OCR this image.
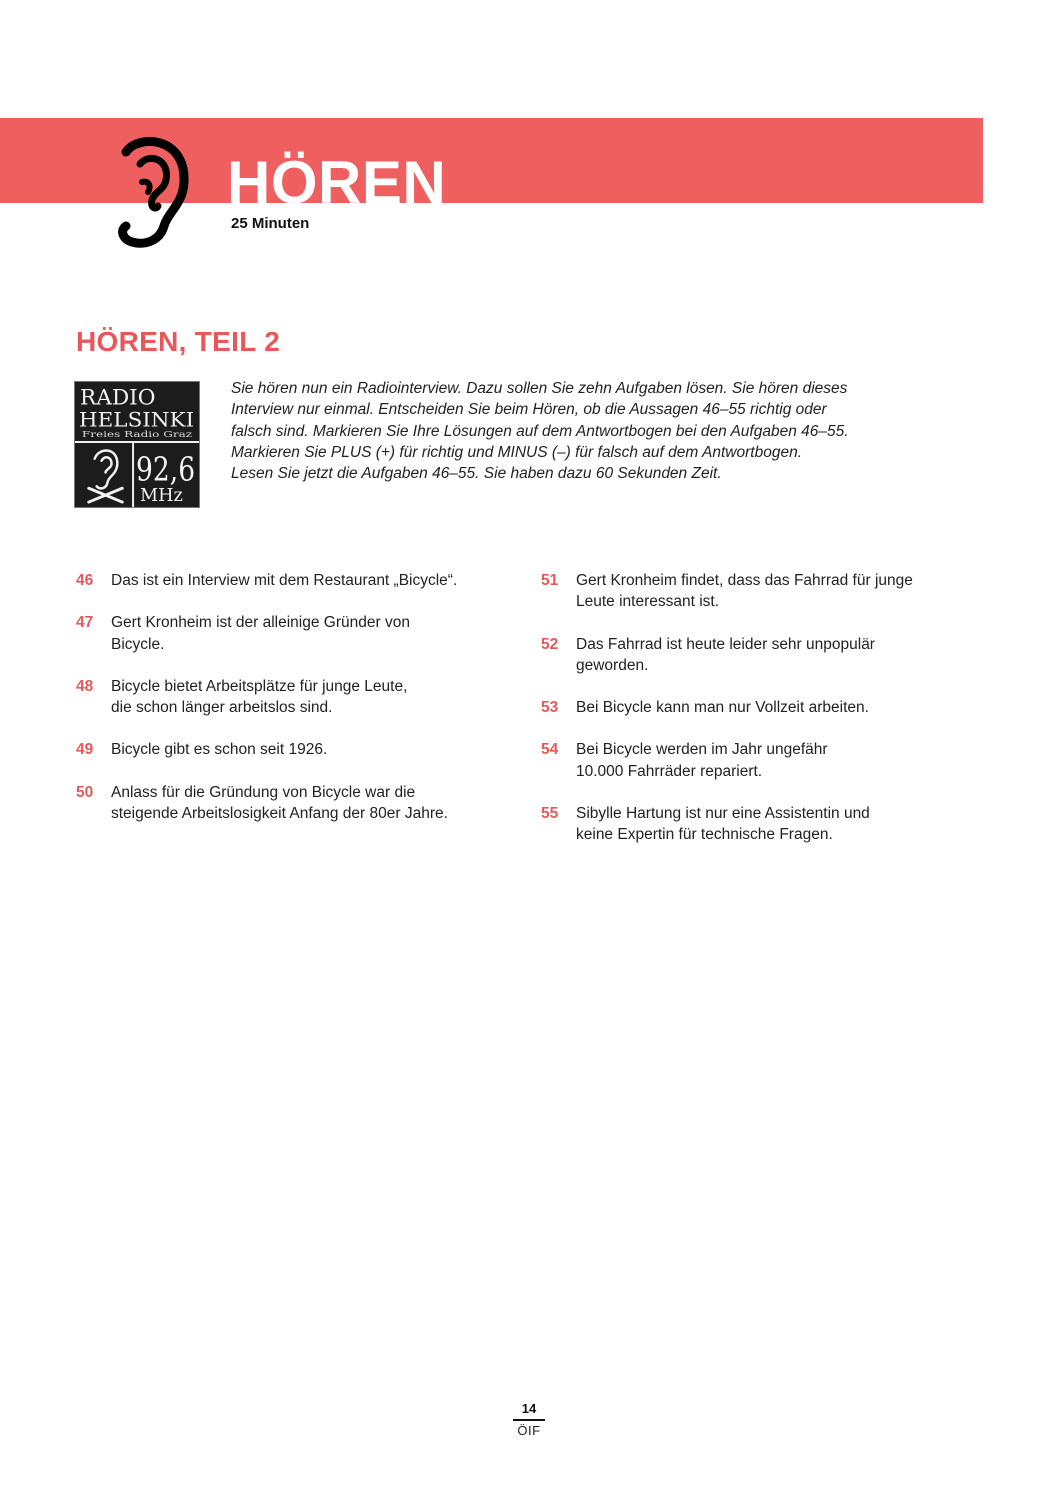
HÖREN
25 Minuten
HÖREN, TEIL 2
RADIO
HELSINKI
Freies Radio Graz
92,6
MHz
Sie hören nun ein Radiointerview. Dazu sollen Sie zehn Aufgaben lösen. Sie hören dieses
Interview nur einmal. Entscheiden Sie beim Hören, ob die Aussagen 46–55 richtig oder
falsch sind. Markieren Sie Ihre Lösungen auf dem Antwortbogen bei den Aufgaben 46–55.
Markieren Sie PLUS (+) für richtig und MINUS (–) für falsch auf dem Antwortbogen.
Lesen Sie jetzt die Aufgaben 46–55. Sie haben dazu 60 Sekunden Zeit.
46	Das ist ein Interview mit dem Restaurant „Bicycle“.
47	Gert Kronheim ist der alleinige Gründer von
Bicycle.
48	Bicycle bietet Arbeitsplätze für junge Leute,
die schon länger arbeitslos sind.
49	Bicycle gibt es schon seit 1926.
50	Anlass für die Gründung von Bicycle war die
steigende Arbeitslosigkeit Anfang der 80er Jahre.
51	Gert Kronheim findet, dass das Fahrrad für junge
Leute interessant ist.
52	Das Fahrrad ist heute leider sehr unpopulär
geworden.
53	Bei Bicycle kann man nur Vollzeit arbeiten.
54	Bei Bicycle werden im Jahr ungefähr
10.000 Fahrräder repariert.
55	Sibylle Hartung ist nur eine Assistentin und
keine Expertin für technische Fragen.
14
ÖIF
